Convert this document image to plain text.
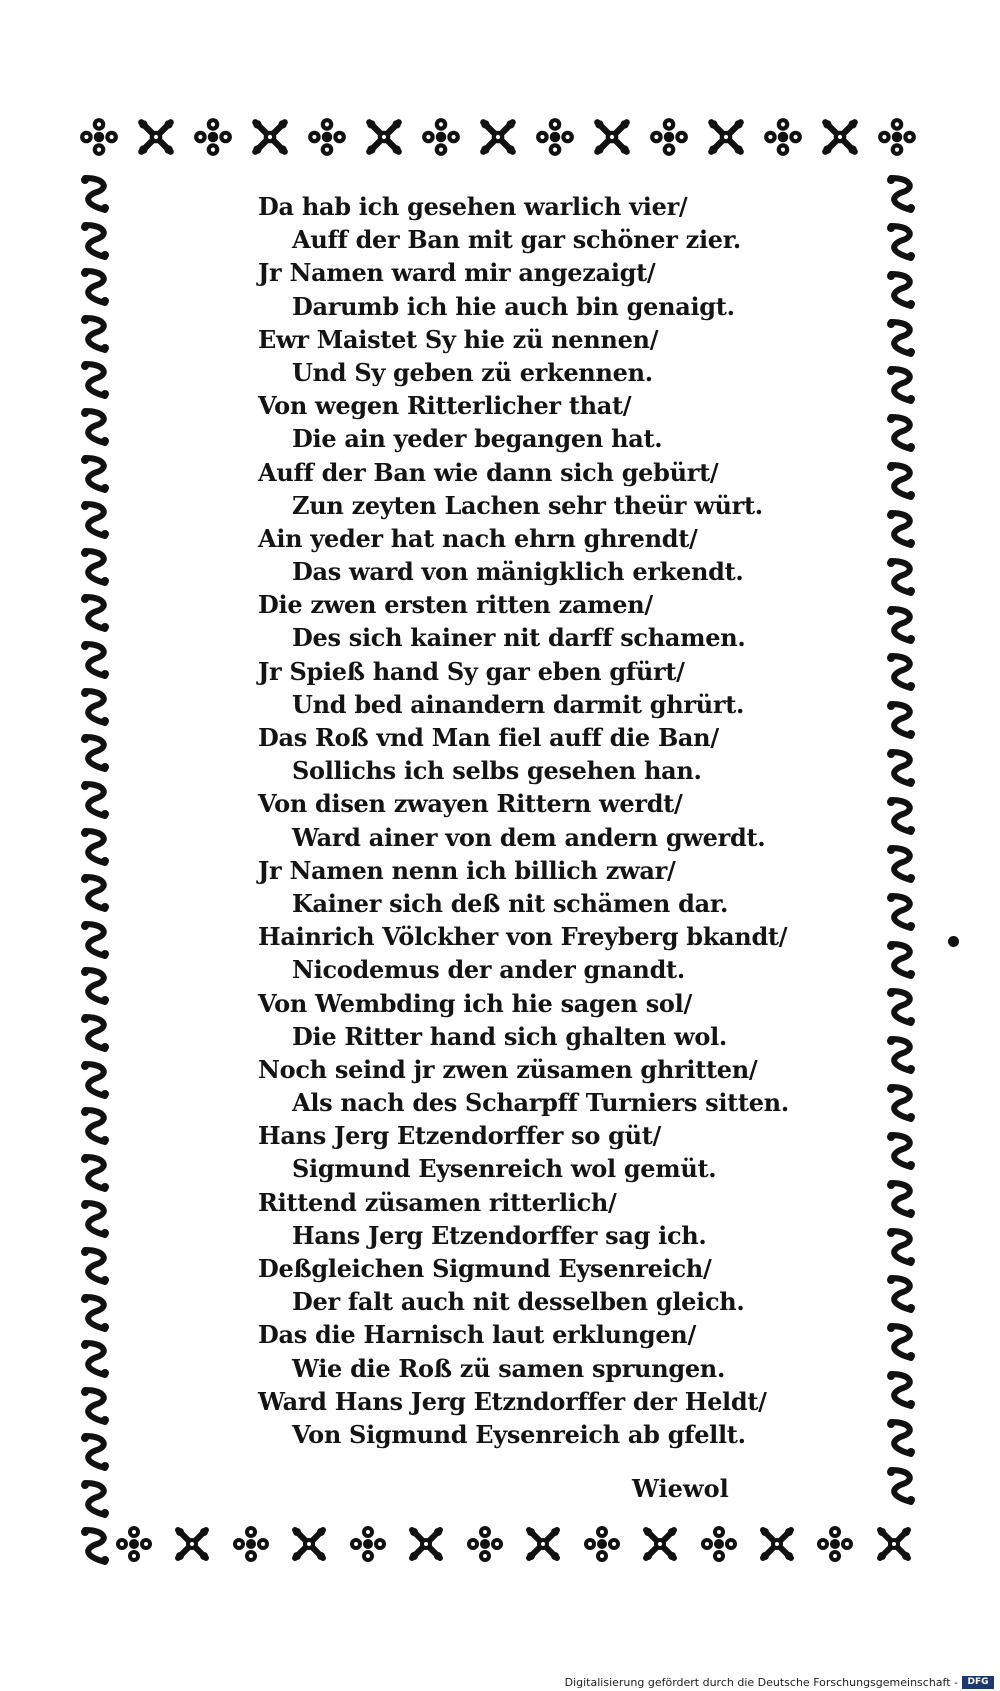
Da hab ich gesehen warlich vier/
Auff der Ban mit gar schöner zier.
Jr Namen ward mir angezaigt/
Darumb ich hie auch bin genaigt.
Ewr Maistet Sy hie zü nennen/
Und Sy geben zü erkennen.
Von wegen Ritterlicher that/
Die ain yeder begangen hat.
Auff der Ban wie dann sich gebürt/
Zun zeyten Lachen sehr theür würt.
Ain yeder hat nach ehrn ghrendt/
Das ward von mänigklich erkendt.
Die zwen ersten ritten zamen/
Des sich kainer nit darff schamen.
Jr Spieß hand Sy gar eben gfürt/
Und bed ainandern darmit ghrürt.
Das Roß vnd Man fiel auff die Ban/
Sollichs ich selbs gesehen han.
Von disen zwayen Rittern werdt/
Ward ainer von dem andern gwerdt.
Jr Namen nenn ich billich zwar/
Kainer sich deß nit schämen dar.
Hainrich Völckher von Freyberg bkandt/
Nicodemus der ander gnandt.
Von Wembding ich hie sagen sol/
Die Ritter hand sich ghalten wol.
Noch seind jr zwen züsamen ghritten/
Als nach des Scharpff Turniers sitten.
Hans Jerg Etzendorffer so güt/
Sigmund Eysenreich wol gemüt.
Rittend züsamen ritterlich/
Hans Jerg Etzendorffer sag ich.
Deßgleichen Sigmund Eysenreich/
Der falt auch nit desselben gleich.
Das die Harnisch laut erklungen/
Wie die Roß zü samen sprungen.
Ward Hans Jerg Etzndorffer der Heldt/
Von Sigmund Eysenreich ab gfellt.
Wiewol
Digitalisierung gefördert durch die Deutsche Forschungsgemeinschaft -	DFG
